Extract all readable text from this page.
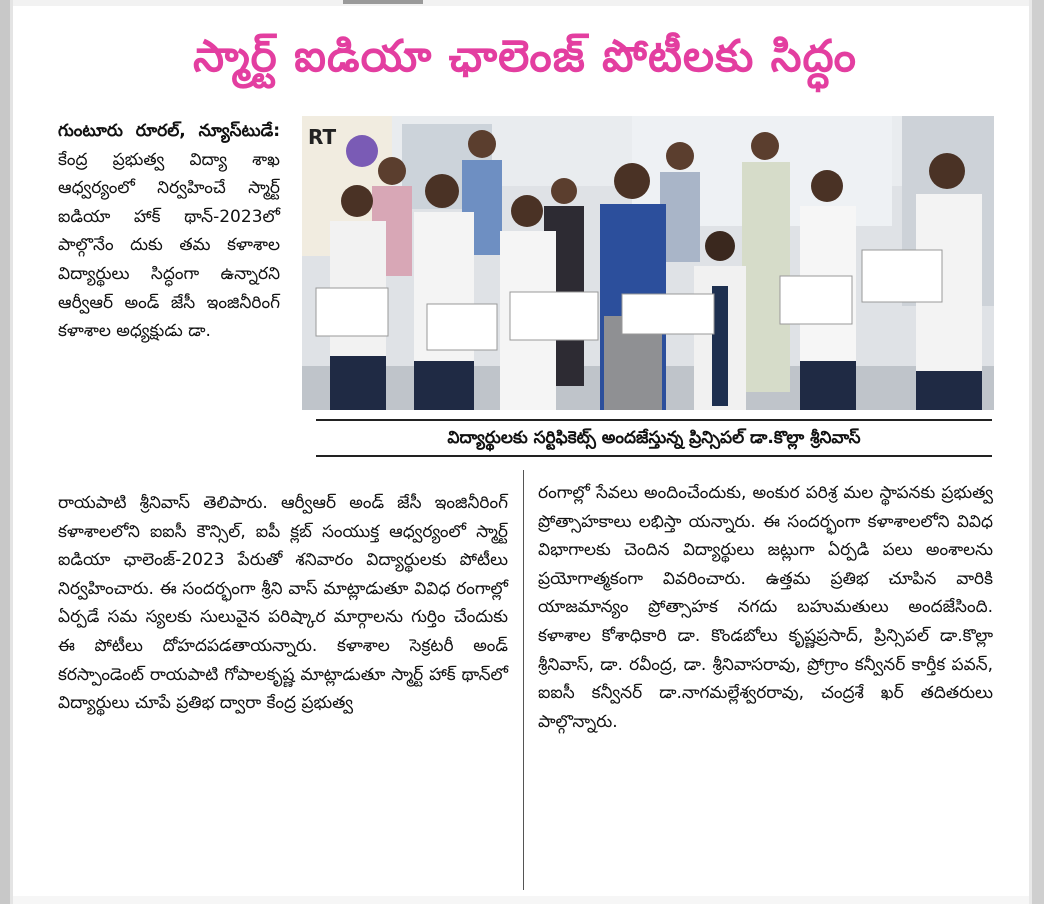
స్మార్ట్ ఐడియా ఛాలెంజ్ పోటీలకు సిద్ధం

గుంటూరు రూరల్, న్యూస్‌టుడే: కేంద్ర ప్రభుత్వ విద్యా శాఖ ఆధ్వర్యంలో నిర్వహించే స్మార్ట్ ఐడియా హాక్ థాన్-2023లో పాల్గొనేం దుకు తమ కళాశాల విద్యార్థులు సిద్ధంగా ఉన్నారని ఆర్వీఆర్ అండ్ జేసీ ఇంజినీరింగ్ కళాశాల అధ్యక్షుడు డా.

RT
విద్యార్థులకు సర్టిఫికెట్స్ అందజేస్తున్న ప్రిన్సిపల్ డా.కొల్లా శ్రీనివాస్

రాయపాటి శ్రీనివాస్ తెలిపారు. ఆర్వీఆర్ అండ్ జేసీ ఇంజినీరింగ్ కళాశాలలోని ఐఐసీ కౌన్సిల్, ఐపీ క్లబ్ సంయుక్త ఆధ్వర్యంలో స్మార్ట్ ఐడియా ఛాలెంజ్-2023 పేరుతో శనివారం విద్యార్థులకు పోటీలు నిర్వహించారు. ఈ సందర్భంగా శ్రీని వాస్ మాట్లాడుతూ వివిధ రంగాల్లో ఏర్పడే సమ స్యలకు సులువైన పరిష్కార మార్గాలను గుర్తిం చేందుకు ఈ పోటీలు దోహదపడతాయన్నారు. కళాశాల సెక్రటరీ అండ్ కరస్పాండెంట్ రాయపాటి గోపాలకృష్ణ మాట్లాడుతూ స్మార్ట్ హాక్ థాన్‌లో విద్యార్థులు చూపే ప్రతిభ ద్వారా కేంద్ర ప్రభుత్వ

రంగాల్లో సేవలు అందించేందుకు, అంకుర పరిశ్ర మల స్థాపనకు ప్రభుత్వ ప్రోత్సాహకాలు లభిస్తా యన్నారు. ఈ సందర్భంగా కళాశాలలోని వివిధ విభాగాలకు చెందిన విద్యార్థులు జట్లుగా ఏర్పడి పలు అంశాలను ప్రయోగాత్మకంగా వివరించారు. ఉత్తమ ప్రతిభ చూపిన వారికి యాజమాన్యం ప్రోత్సాహక నగదు బహుమతులు అందజేసింది. కళాశాల కోశాధికారి డా. కొండబోలు కృష్ణప్రసాద్, ప్రిన్సిపల్ డా.కొల్లా శ్రీనివాస్, డా. రవీంద్ర, డా. శ్రీనివాసరావు, ప్రోగ్రాం కన్వీనర్ కార్తీక పవన్, ఐఐసీ కన్వీనర్ డా.నాగమల్లేశ్వరరావు, చంద్రశే ఖర్ తదితరులు పాల్గొన్నారు.
